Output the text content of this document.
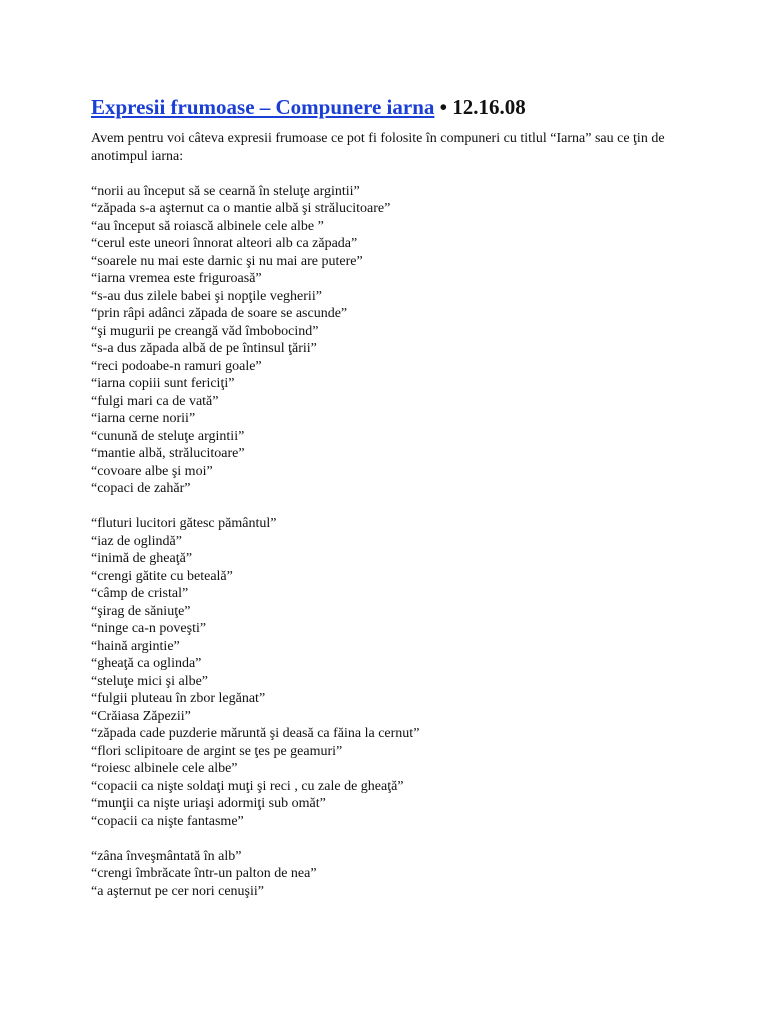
Expresii frumoase – Compunere iarna • 12.16.08

Avem pentru voi câteva expresii frumoase ce pot fi folosite în compuneri cu titlul “Iarna” sau ce ţin de anotimpul iarna:

“norii au început să se cearnă în steluţe argintii”
“zăpada s-a aşternut ca o mantie albă şi strălucitoare”
“au început să roiască albinele cele albe ”
“cerul este uneori înnorat alteori alb ca zăpada”
“soarele nu mai este darnic şi nu mai are putere”
“iarna vremea este friguroasă”
“s-au dus zilele babei şi nopţile vegherii”
“prin râpi adânci zăpada de soare se ascunde”
“şi mugurii pe creangă văd îmbobocind”
“s-a dus zăpada albă de pe întinsul ţării”
“reci podoabe-n ramuri goale”
“iarna copiii sunt fericiţi”
“fulgi mari ca de vată”
“iarna cerne norii”
“cunună de steluţe argintii”
“mantie albă, strălucitoare”
“covoare albe şi moi”
“copaci de zahăr”
“fluturi lucitori gătesc pământul”
“iaz de oglindă”
“inimă de gheaţă”
“crengi gătite cu beteală”
“câmp de cristal”
“şirag de săniuţe”
“ninge ca-n poveşti”
“haină argintie”
“gheaţă ca oglinda”
“steluţe mici şi albe”
“fulgii pluteau în zbor legănat”
“Crăiasa Zăpezii”
“zăpada cade puzderie măruntă şi deasă ca făina la cernut”
“flori sclipitoare de argint se ţes pe geamuri”
“roiesc albinele cele albe”
“copacii ca nişte soldaţi muţi şi reci , cu zale de gheaţă”
“munţii ca nişte uriaşi adormiţi sub omăt”
“copacii ca nişte fantasme”
“zâna înveşmântată în alb”
“crengi îmbrăcate într-un palton de nea”
“a aşternut pe cer nori cenuşii”
